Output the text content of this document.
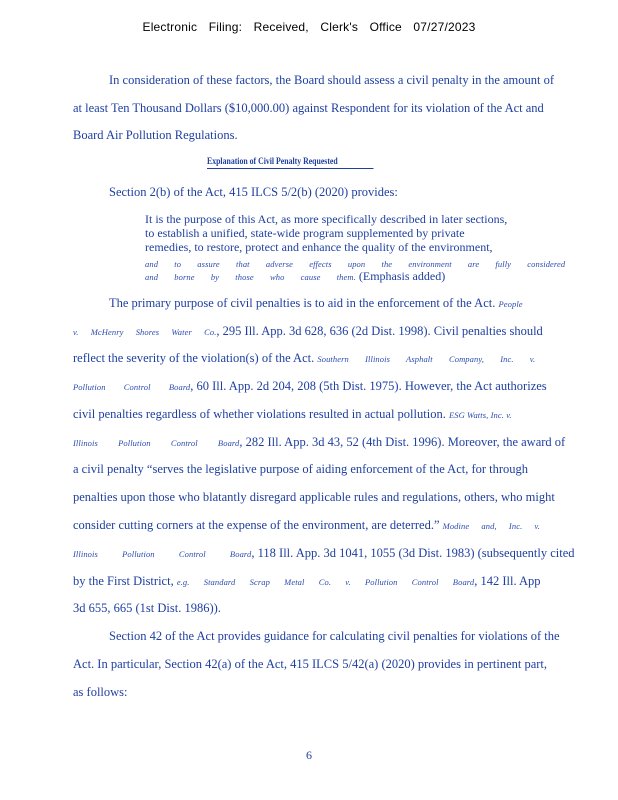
Electronic Filing: Received, Clerk's Office 07/27/2023
In consideration of these factors, the Board should assess a civil penalty in the amount of
at least Ten Thousand Dollars ($10,000.00) against Respondent for its violation of the Act and
Board Air Pollution Regulations.
Explanation of Civil Penalty Requested
Section 2(b) of the Act, 415 ILCS 5/2(b) (2020) provides:
It is the purpose of this Act, as more specifically described in later sections,
to establish a unified, state-wide program supplemented by private
remedies, to restore, protect and enhance the quality of the environment,
and to assure that adverse effects upon the environment are fully considered
and borne by those who cause them. (Emphasis added)
The primary purpose of civil penalties is to aid in the enforcement of the Act. People
v. McHenry Shores Water Co., 295 Ill. App. 3d 628, 636 (2d Dist. 1998). Civil penalties should
reflect the severity of the violation(s) of the Act. Southern Illinois Asphalt Company, Inc. v.
Pollution Control Board, 60 Ill. App. 2d 204, 208 (5th Dist. 1975). However, the Act authorizes
civil penalties regardless of whether violations resulted in actual pollution. ESG Watts, Inc. v.
Illinois Pollution Control Board, 282 Ill. App. 3d 43, 52 (4th Dist. 1996). Moreover, the award of
a civil penalty “serves the legislative purpose of aiding enforcement of the Act, for through
penalties upon those who blatantly disregard applicable rules and regulations, others, who might
consider cutting corners at the expense of the environment, are deterred.” Modine and, Inc. v.
Illinois Pollution Control Board, 118 Ill. App. 3d 1041, 1055 (3d Dist. 1983) (subsequently cited
by the First District, e.g. Standard Scrap Metal Co. v. Pollution Control Board, 142 Ill. App
3d 655, 665 (1st Dist. 1986)).
Section 42 of the Act provides guidance for calculating civil penalties for violations of the
Act. In particular, Section 42(a) of the Act, 415 ILCS 5/42(a) (2020) provides in pertinent part,
as follows:
6
